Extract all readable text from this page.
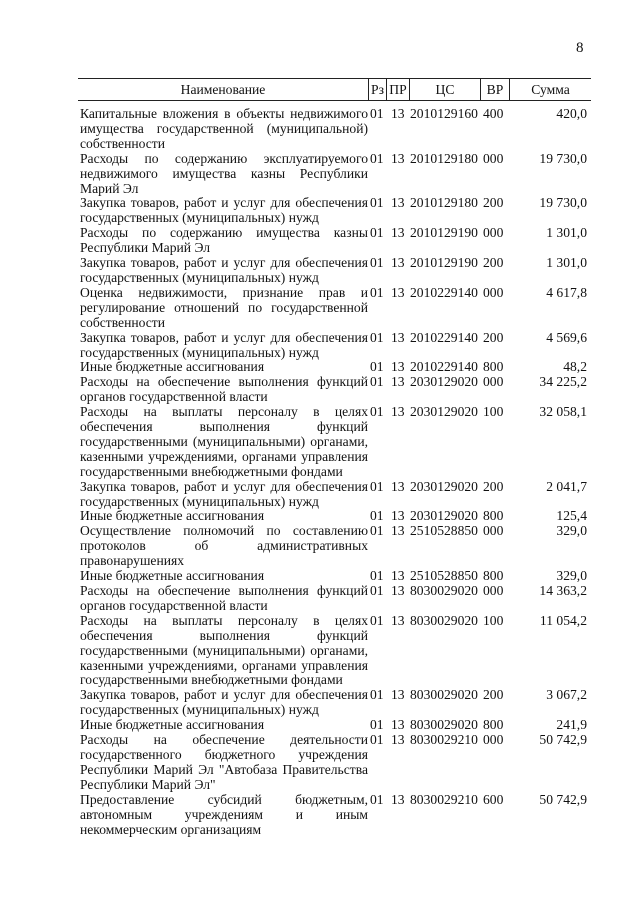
8
Наименование	Рз ПР	ЦС	ВР	Сумма
Капитальные вложения в объекты недвижимого имущества государственной (муниципальной) собственности
01 13 2010129160 400	420,0
Расходы по содержанию эксплуатируемого недвижимого имущества казны Республики Марий Эл
01 13 2010129180 000	19 730,0
Закупка товаров, работ и услуг для обеспечения государственных (муниципальных) нужд
01 13 2010129180 200	19 730,0
Расходы по содержанию имущества казны Республики Марий Эл
01 13 2010129190 000	1 301,0
Закупка товаров, работ и услуг для обеспечения государственных (муниципальных) нужд
01 13 2010129190 200	1 301,0
Оценка недвижимости, признание прав и регулирование отношений по государственной собственности
01 13 2010229140 000	4 617,8
Закупка товаров, работ и услуг для обеспечения государственных (муниципальных) нужд
01 13 2010229140 200	4 569,6
Иные бюджетные ассигнования	01 13 2010229140 800	48,2
Расходы на обеспечение выполнения функций органов государственной власти
01 13 2030129020 000	34 225,2
Расходы на выплаты персоналу в целях обеспечения выполнения функций государственными (муниципальными) органами, казенными учреждениями, органами управления государственными внебюджетными фондами
01 13 2030129020 100	32 058,1
Закупка товаров, работ и услуг для обеспечения государственных (муниципальных) нужд
01 13 2030129020 200	2 041,7
Иные бюджетные ассигнования	01 13 2030129020 800	125,4
Осуществление полномочий по составлению протоколов об административных правонарушениях
01 13 2510528850 000	329,0
Иные бюджетные ассигнования	01 13 2510528850 800	329,0
Расходы на обеспечение выполнения функций органов государственной власти
01 13 8030029020 000	14 363,2
Расходы на выплаты персоналу в целях обеспечения выполнения функций государственными (муниципальными) органами, казенными учреждениями, органами управления государственными внебюджетными фондами
01 13 8030029020 100	11 054,2
Закупка товаров, работ и услуг для обеспечения государственных (муниципальных) нужд
01 13 8030029020 200	3 067,2
Иные бюджетные ассигнования	01 13 8030029020 800	241,9
Расходы на обеспечение деятельности государственного бюджетного учреждения Республики Марий Эл "Автобаза Правительства Республики Марий Эл"
01 13 8030029210 000	50 742,9
Предоставление субсидий бюджетным, автономным учреждениям и иным некоммерческим организациям
01 13 8030029210 600	50 742,9
